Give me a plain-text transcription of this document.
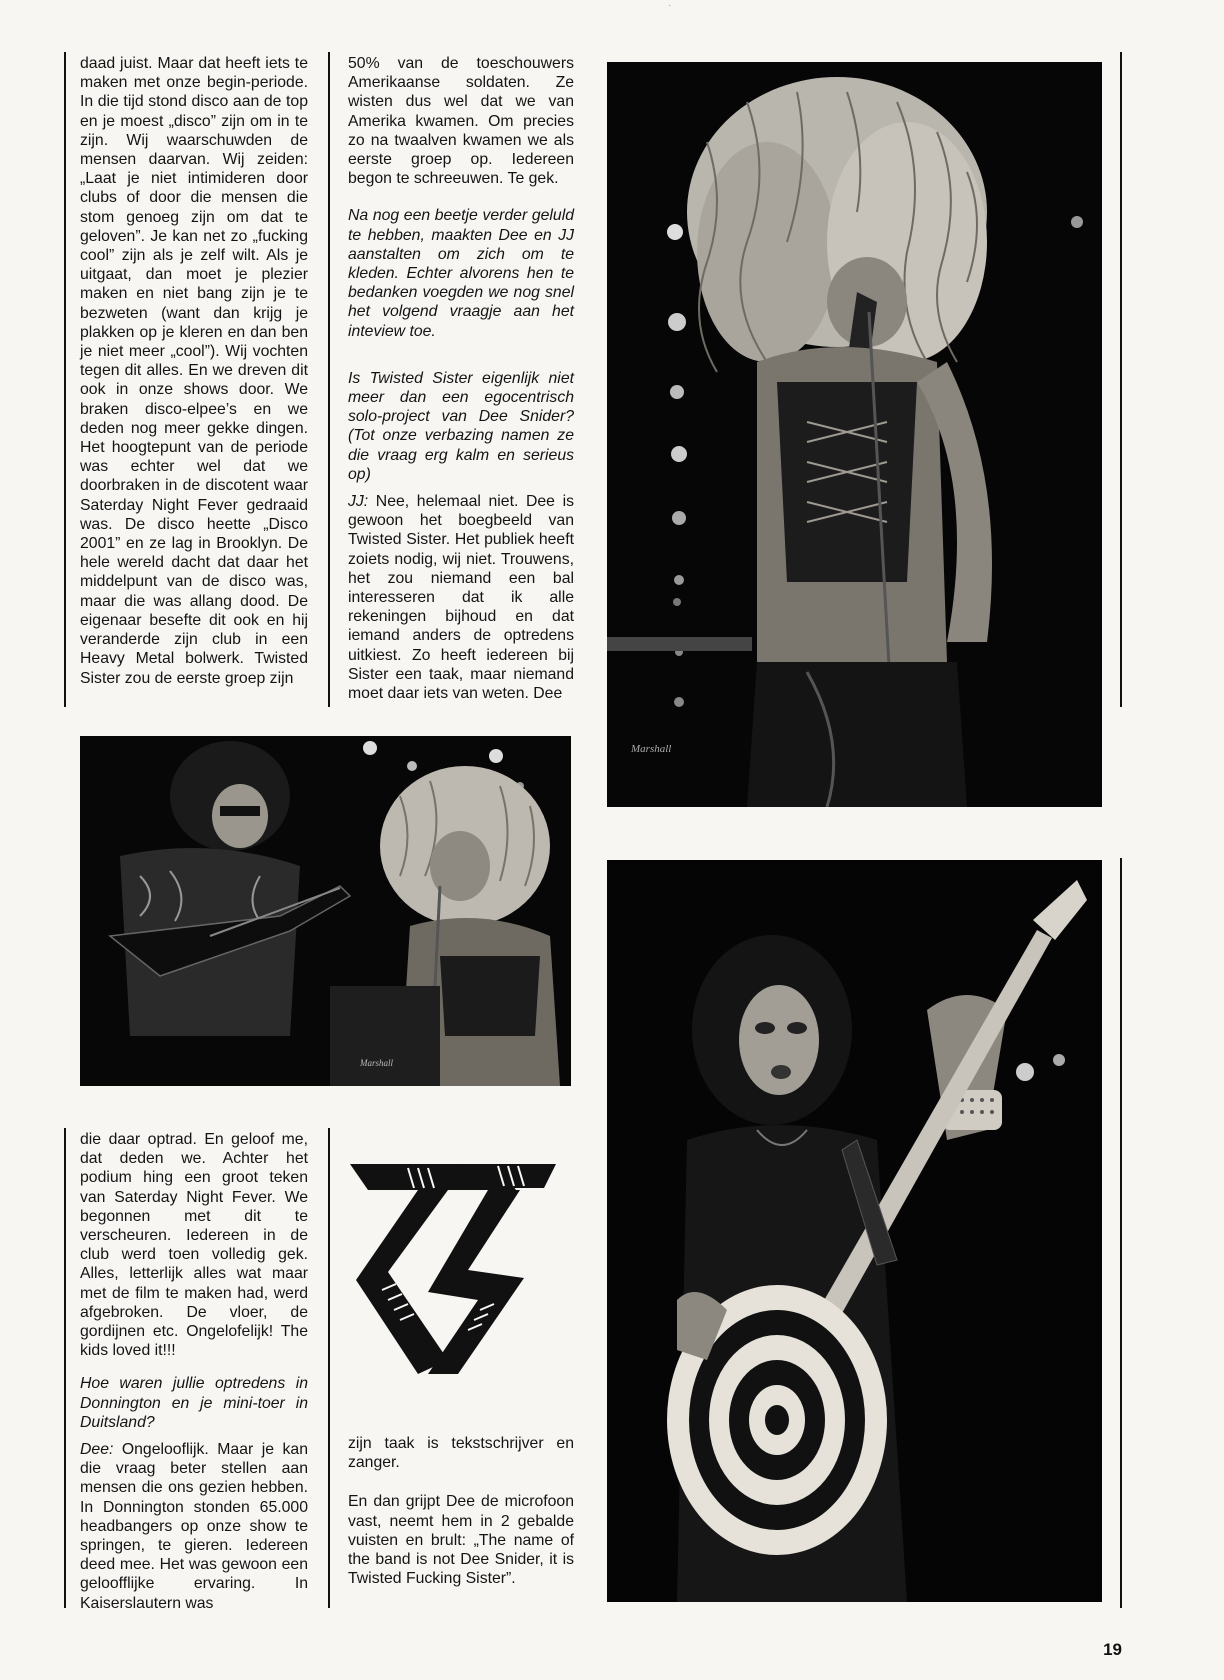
·

daad juist. Maar dat heeft iets te maken met onze begin-periode. In die tijd stond disco aan de top en je moest „disco” zijn om in te zijn. Wij waarschuwden de mensen daarvan. Wij zeiden: „Laat je niet intimideren door clubs of door die mensen die stom genoeg zijn om dat te geloven”. Je kan net zo „fucking cool” zijn als je zelf wilt. Als je uitgaat, dan moet je plezier maken en niet bang zijn je te bezweten (want dan krijg je plakken op je kleren en dan ben je niet meer „cool”). Wij vochten tegen dit alles. En we dreven dit ook in onze shows door. We braken disco-elpee’s en we deden nog meer gekke dingen. Het hoogtepunt van de periode was echter wel dat we doorbraken in de discotent waar Saterday Night Fever gedraaid was. De disco heette „Disco 2001” en ze lag in Brooklyn. De hele wereld dacht dat daar het middelpunt van de disco was, maar die was allang dood. De eigenaar besefte dit ook en hij veranderde zijn club in een Heavy Metal bolwerk. Twisted Sister zou de eerste groep zijn

50% van de toeschouwers Amerikaanse soldaten. Ze wisten dus wel dat we van Amerika kwamen. Om precies zo na twaalven kwamen we als eerste groep op. Iedereen begon te schreeuwen. Te gek.

Na nog een beetje verder geluld te hebben, maakten Dee en JJ aanstalten om zich om te kleden. Echter alvorens hen te bedanken voegden we nog snel het volgend vraagje aan het inteview toe.

Is Twisted Sister eigenlijk niet meer dan een egocentrisch solo-project van Dee Snider? (Tot onze verbazing namen ze die vraag erg kalm en serieus op)

JJ: Nee, helemaal niet. Dee is gewoon het boegbeeld van Twisted Sister. Het publiek heeft zoiets nodig, wij niet. Trouwens, het zou niemand een bal interesseren dat ik alle rekeningen bijhoud en dat iemand anders de optredens uitkiest. Zo heeft iedereen bij Sister een taak, maar niemand moet daar iets van weten. Dee

die daar optrad. En geloof me, dat deden we. Achter het podium hing een groot teken van Saterday Night Fever. We begonnen met dit te verscheuren. Iedereen in de club werd toen volledig gek. Alles, letterlijk alles wat maar met de film te maken had, werd afgebroken. De vloer, de gordijnen etc. Ongelofelijk! The kids loved it!!!

Hoe waren jullie optredens in Donnington en je mini-toer in Duitsland?

Dee: Ongelooflijk. Maar je kan die vraag beter stellen aan mensen die ons gezien hebben. In Donnington stonden 65.000 headbangers op onze show te springen, te gieren. Iedereen deed mee. Het was gewoon een geloofflijke ervaring. In Kaiserslautern was

zijn taak is tekstschrijver en zanger.

En dan grijpt Dee de microfoon vast, neemt hem in 2 gebalde vuisten en brult: „The name of the band is not Dee Snider, it is Twisted Fucking Sister”.

Marshall
Marshall
19
